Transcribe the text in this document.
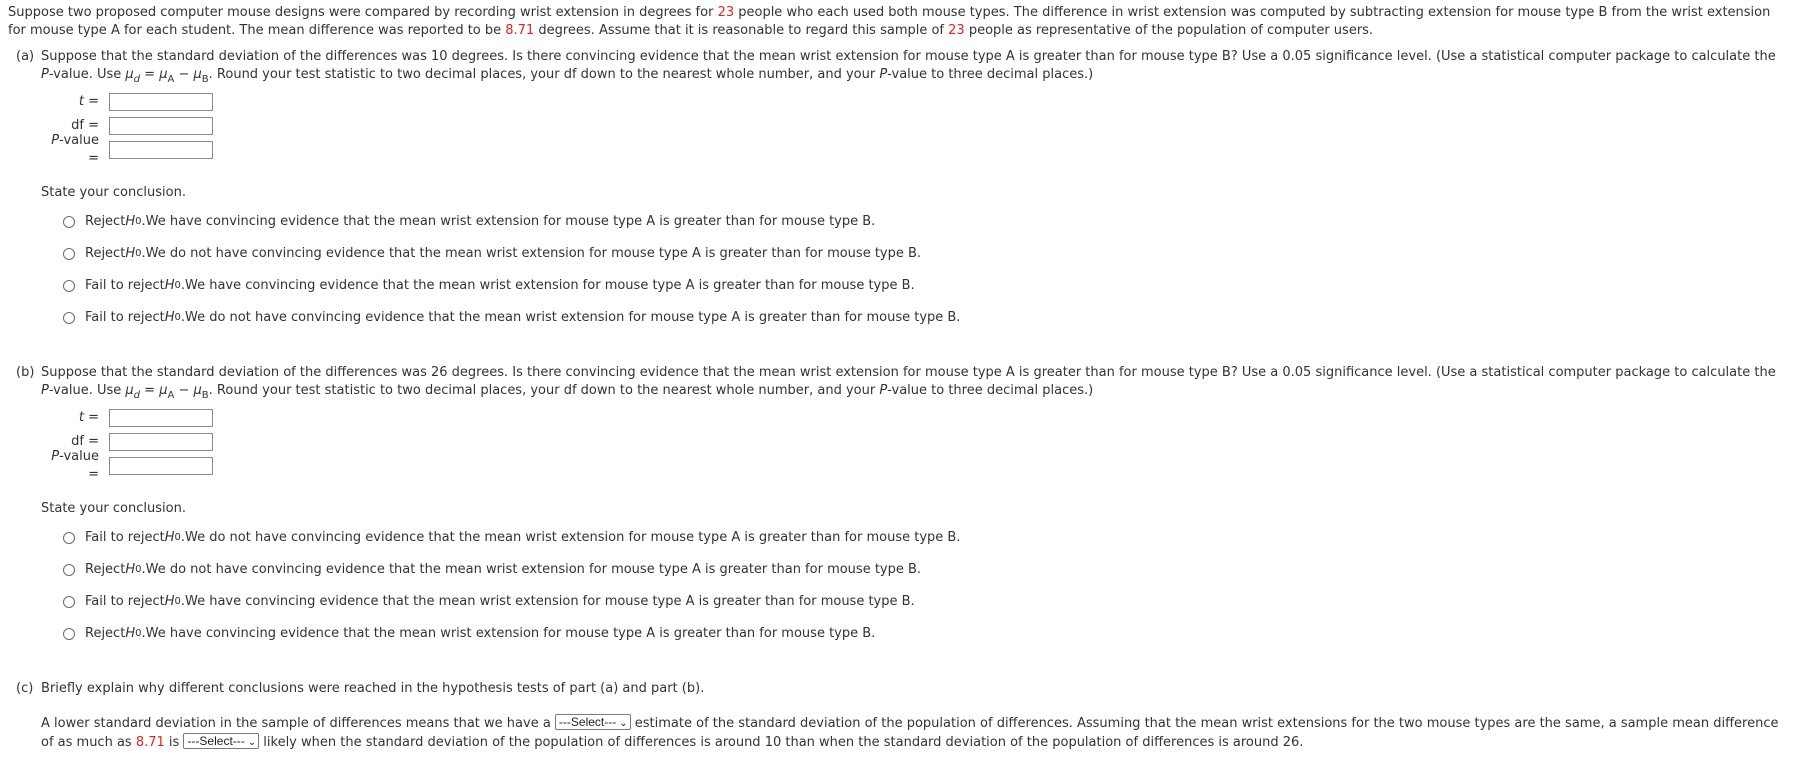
Suppose two proposed computer mouse designs were compared by recording wrist extension in degrees for 23 people who each used both mouse types. The difference in wrist extension was computed by subtracting extension for mouse type B from the wrist extension for mouse type A for each student. The mean difference was reported to be 8.71 degrees. Assume that it is reasonable to regard this sample of 23 people as representative of the population of computer users.

(a) Suppose that the standard deviation of the differences was 10 degrees. Is there convincing evidence that the mean wrist extension for mouse type A is greater than for mouse type B? Use a 0.05 significance level. (Use a statistical computer package to calculate the P-value. Use $\mu_d = \mu_A - \mu_B$. Round your test statistic to two decimal places, your df down to the nearest whole number, and your P-value to three decimal places.)

t =
df =
P-value =
State your conclusion.
Reject H 0 . We have convincing evidence that the mean wrist extension for mouse type A is greater than for mouse type B.
Reject H 0 . We do not have convincing evidence that the mean wrist extension for mouse type A is greater than for mouse type B.
Fail to reject H 0 . We have convincing evidence that the mean wrist extension for mouse type A is greater than for mouse type B.
Fail to reject H 0 . We do not have convincing evidence that the mean wrist extension for mouse type A is greater than for mouse type B.
(b) Suppose that the standard deviation of the differences was 26 degrees. Is there convincing evidence that the mean wrist extension for mouse type A is greater than for mouse type B? Use a 0.05 significance level. (Use a statistical computer package to calculate the P-value. Use $\mu_d = \mu_A - \mu_B$. Round your test statistic to two decimal places, your df down to the nearest whole number, and your P-value to three decimal places.)

t =
df =
P-value =
State your conclusion.
Fail to reject H 0 . We do not have convincing evidence that the mean wrist extension for mouse type A is greater than for mouse type B.
Reject H 0 . We do not have convincing evidence that the mean wrist extension for mouse type A is greater than for mouse type B.
Fail to reject H 0 . We have convincing evidence that the mean wrist extension for mouse type A is greater than for mouse type B.
Reject H 0 . We have convincing evidence that the mean wrist extension for mouse type A is greater than for mouse type B.
(c) Briefly explain why different conclusions were reached in the hypothesis tests of part (a) and part (b).

A lower standard deviation in the sample of differences means that we have a ---Select--- ⌄ estimate of the standard deviation of the population of differences. Assuming that the mean wrist extensions for the two mouse types are the same, a sample mean difference of as much as 8.71 is ---Select--- ⌄ likely when the standard deviation of the population of differences is around 10 than when the standard deviation of the population of differences is around 26.
